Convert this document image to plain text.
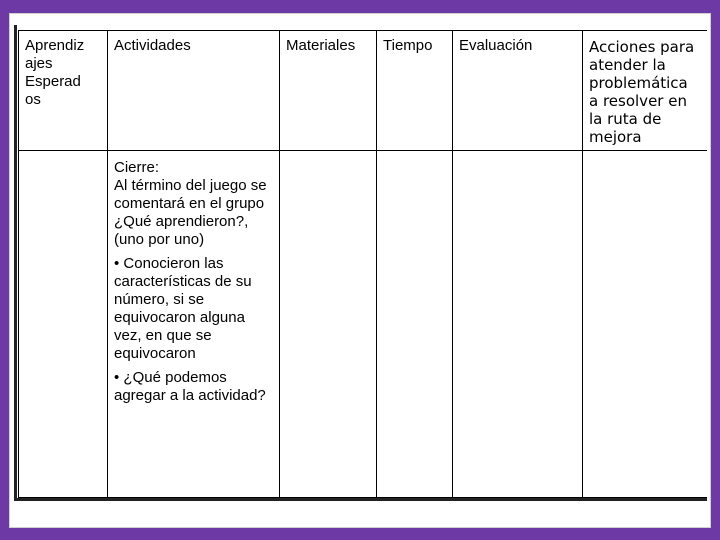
Aprendiz ajes Esperad os	Actividades	Materiales	Tiempo	Evaluación	Acciones para atender la problemática a resolver en la ruta de mejora

	Cierre:

Al término del juego se comentará en el grupo ¿Qué aprendieron?, (uno por uno)

• Conocieron las características de su número, si se equivocaron alguna vez, en que se equivocaron

• ¿Qué podemos agregar a la actividad?				
